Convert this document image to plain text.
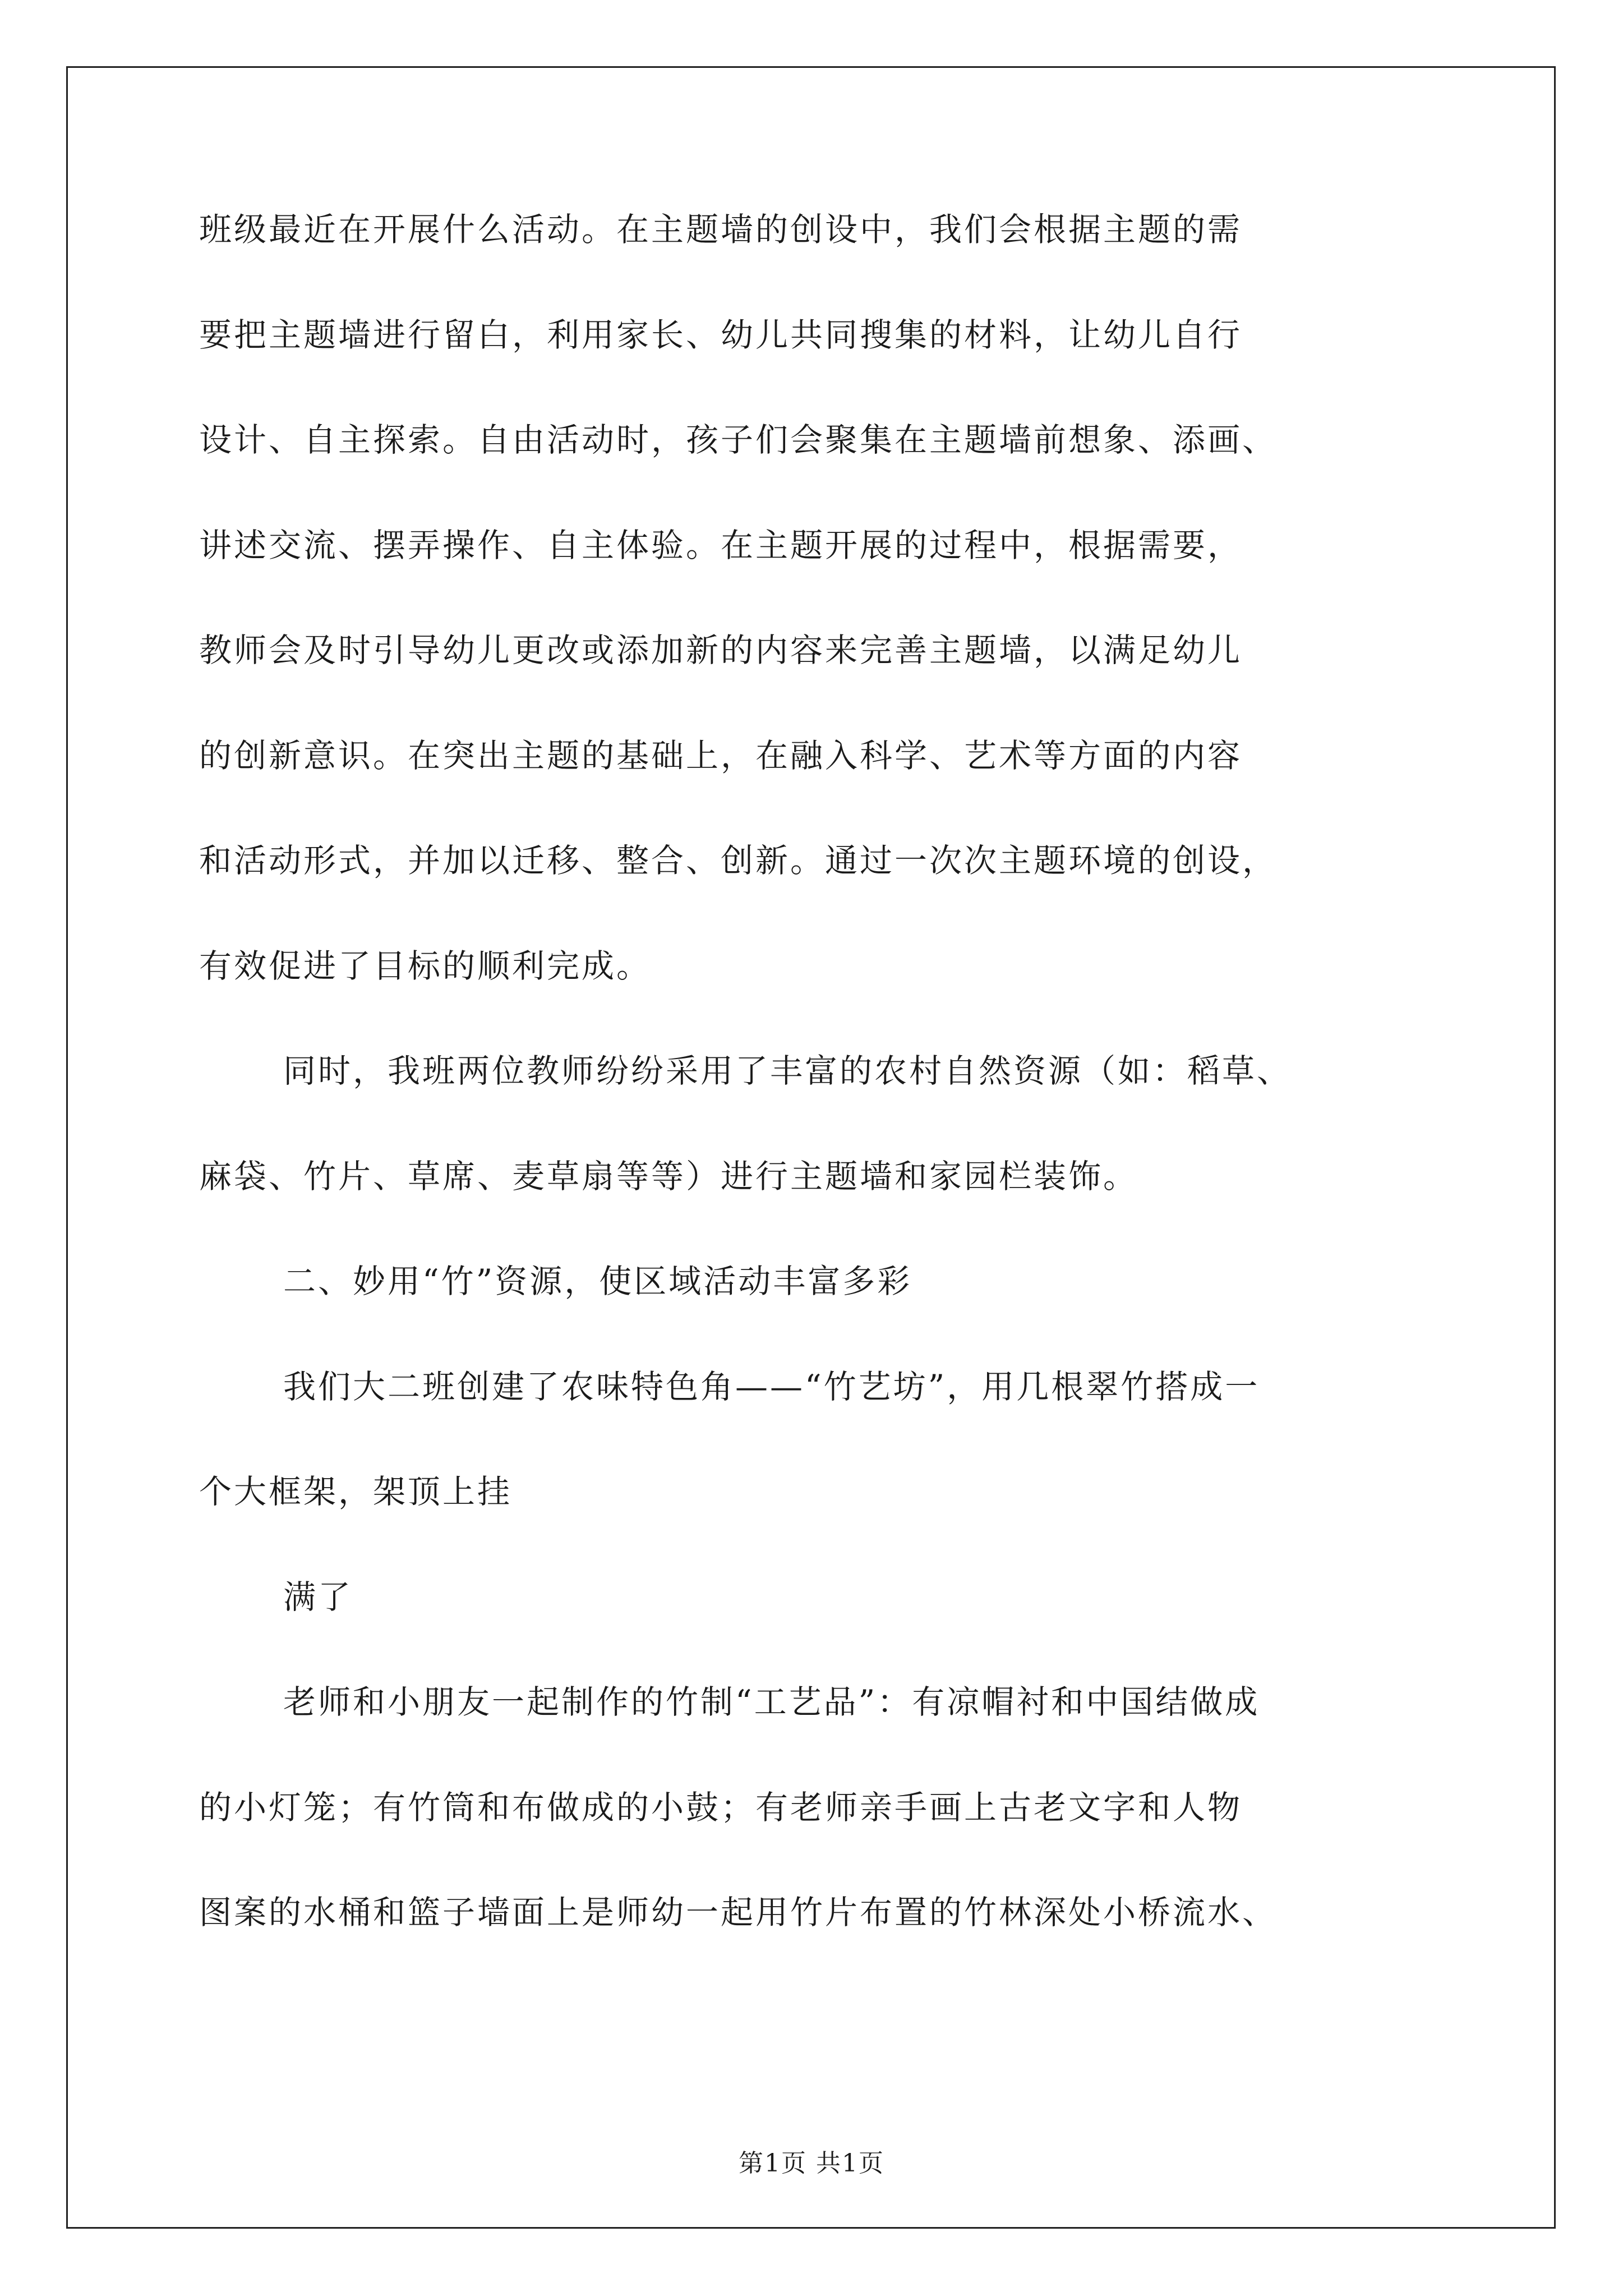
班级最近在开展什么活动。在主题墙的创设中，我们会根据主题的需
要把主题墙进行留白，利用家长、幼儿共同搜集的材料，让幼儿自行
设计、自主探索。自由活动时，孩子们会聚集在主题墙前想象、添画、
讲述交流、摆弄操作、自主体验。在主题开展的过程中，根据需要，
教师会及时引导幼儿更改或添加新的内容来完善主题墙，以满足幼儿
的创新意识。在突出主题的基础上，在融入科学、艺术等方面的内容
和活动形式，并加以迁移、整合、创新。通过一次次主题环境的创设，
有效促进了目标的顺利完成。
同时，我班两位教师纷纷采用了丰富的农村自然资源（如：稻草、
麻袋、竹片、草席、麦草扇等等）进行主题墙和家园栏装饰。
二、妙用“竹”资源，使区域活动丰富多彩
我们大二班创建了农味特色角——“竹艺坊”，用几根翠竹搭成一
个大框架，架顶上挂
满了
老师和小朋友一起制作的竹制“工艺品”：有凉帽衬和中国结做成
的小灯笼；有竹筒和布做成的小鼓；有老师亲手画上古老文字和人物
图案的水桶和篮子墙面上是师幼一起用竹片布置的竹林深处小桥流水、
第1页 共1页
